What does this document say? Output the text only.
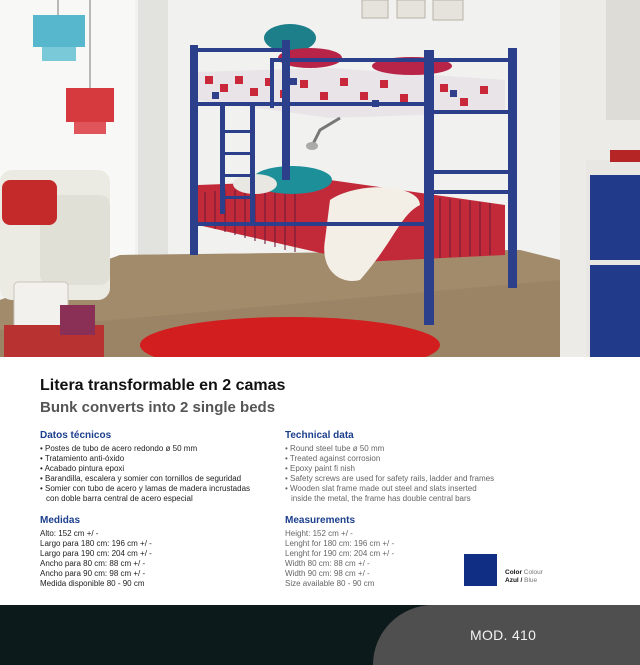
Litera transformable en 2 camas
Bunk converts into 2 single beds
Datos técnicos
• Postes de tubo de acero redondo ø 50 mm
• Tratamiento anti-óxido
• Acabado pintura epoxi
• Barandilla, escalera y somier con tornillos de seguridad
• Somier con tubo de acero y lamas de madera incrustadas
con doble barra central de acero especial
Technical data
• Round steel tube ø 50 mm
• Treated against corrosion
• Epoxy paint fi nish
• Safety screws are used for safety rails, ladder and frames
• Wooden slat frame made out steel and slats inserted
inside the metal, the frame has double central bars
Medidas
Alto: 152 cm +/ -
Largo para 180 cm: 196 cm +/ -
Largo para 190 cm: 204 cm +/ -
Ancho para 80 cm: 88 cm +/ -
Ancho para 90 cm: 98 cm +/ -
Medida disponible 80 - 90 cm
Measurements
Height: 152 cm +/ -
Lenght for 180 cm: 196 cm +/ -
Lenght for 190 cm: 204 cm +/ -
Width 80 cm: 88 cm +/ -
Width 90 cm: 98 cm +/ -
Size available 80 - 90 cm
Color Colour
Azul / Blue
MOD. 410
